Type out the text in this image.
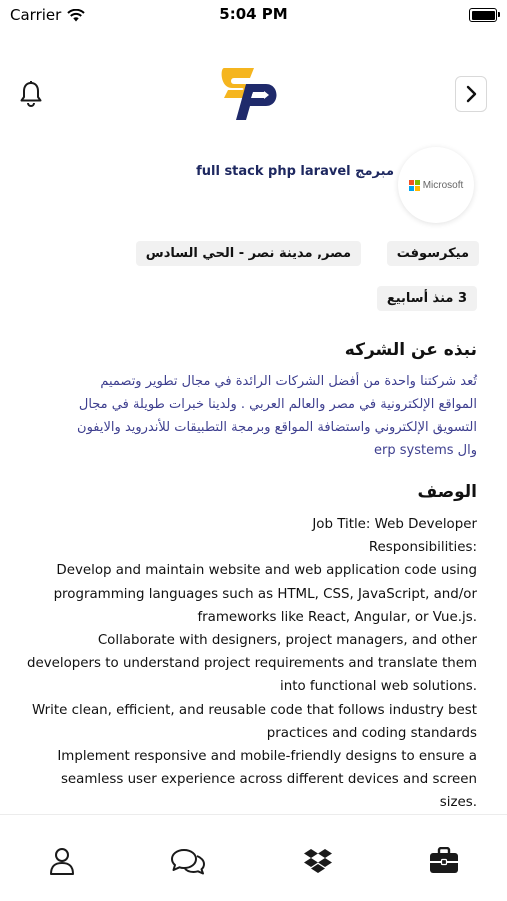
Carrier	5:04 PM
Microsoft
مبرمج full stack php laravel
ميكرسوفت
مصر, مدينة نصر - الحي السادس
3 منذ أسابيع
نبذه عن الشركه
تُعد شركتنا واحدة من أفضل الشركات الرائدة في مجال تطوير وتصميم
المواقع الإلكترونية في مصر والعالم العربي . ولدينا خبرات طويلة في مجال
التسويق الإلكتروني واستضافة المواقع وبرمجة التطبيقات للأندرويد والايفون
وال erp systems
الوصف
Job Title: Web Developer
:Responsibilities
Develop and maintain website and web application code using
programming languages such as HTML, CSS, JavaScript, and/or
.frameworks like React, Angular, or Vue.js
Collaborate with designers, project managers, and other
developers to understand project requirements and translate them
.into functional web solutions
Write clean, efficient, and reusable code that follows industry best
practices and coding standards
Implement responsive and mobile-friendly designs to ensure a
seamless user experience across different devices and screen
.sizes
